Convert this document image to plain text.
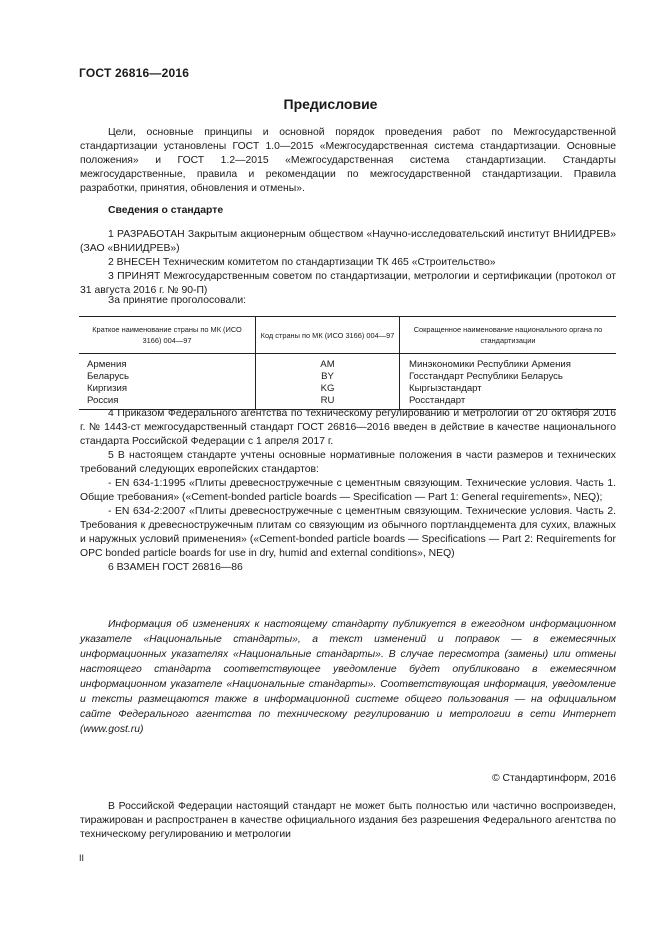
ГОСТ 26816—2016
Предисловие

Цели, основные принципы и основной порядок проведения работ по Межгосударственной стандартизации установлены ГОСТ 1.0—2015 «Межгосударственная система стандартизации. Основные положения» и ГОСТ 1.2—2015 «Межгосударственная система стандартизации. Стандарты межгосударственные, правила и рекомендации по межгосударственной стандартизации. Правила разработки, принятия, обновления и отмены».

Сведения о стандарте

1 РАЗРАБОТАН Закрытым акционерным обществом «Научно-исследовательский институт ВНИИДРЕВ» (ЗАО «ВНИИДРЕВ»)

2 ВНЕСЕН Техническим комитетом по стандартизации ТК 465 «Строительство»

3 ПРИНЯТ Межгосударственным советом по стандартизации, метрологии и сертификации (протокол от 31 августа 2016 г. № 90-П)

За принятие проголосовали:
Краткое наименование страны по МК (ИСО 3166) 004—97	Код страны по МК (ИСО 3166) 004—97	Сокращенное наименование национального органа по стандартизации
Армения	AM	Минэкономики Республики Армения
Беларусь	BY	Госстандарт Республики Беларусь
Киргизия	KG	Кыргызстандарт
Россия	RU	Росстандарт

4 Приказом Федерального агентства по техническому регулированию и метрологии от 20 октября 2016 г. № 1443-ст межгосударственный стандарт ГОСТ 26816—2016 введен в действие в качестве национального стандарта Российской Федерации с 1 апреля 2017 г.

5 В настоящем стандарте учтены основные нормативные положения в части размеров и технических требований следующих европейских стандартов:

- EN 634-1:1995 «Плиты древесностружечные с цементным связующим. Технические условия. Часть 1. Общие требования» («Cement-bonded particle boards — Specification — Part 1: General requirements», NEQ);

- EN 634-2:2007 «Плиты древесностружечные с цементным связующим. Технические условия. Часть 2. Требования к древесностружечным плитам со связующим из обычного портландцемента для сухих, влажных и наружных условий применения» («Cement-bonded particle boards — Specifications — Part 2: Requirements for OPC bonded particle boards for use in dry, humid and external conditions», NEQ)

6 ВЗАМЕН ГОСТ 26816—86

Информация об изменениях к настоящему стандарту публикуется в ежегодном информационном указателе «Национальные стандарты», а текст изменений и поправок — в ежемесячных информационных указателях «Национальные стандарты». В случае пересмотра (замены) или отмены настоящего стандарта соответствующее уведомление будет опубликовано в ежемесячном информационном указателе «Национальные стандарты». Соответствующая информация, уведомление и тексты размещаются также в информационной системе общего пользования — на официальном сайте Федерального агентства по техническому регулированию и метрологии в сети Интернет (www.gost.ru)

© Стандартинформ, 2016

В Российской Федерации настоящий стандарт не может быть полностью или частично воспроизведен, тиражирован и распространен в качестве официального издания без разрешения Федерального агентства по техническому регулированию и метрологии

II
